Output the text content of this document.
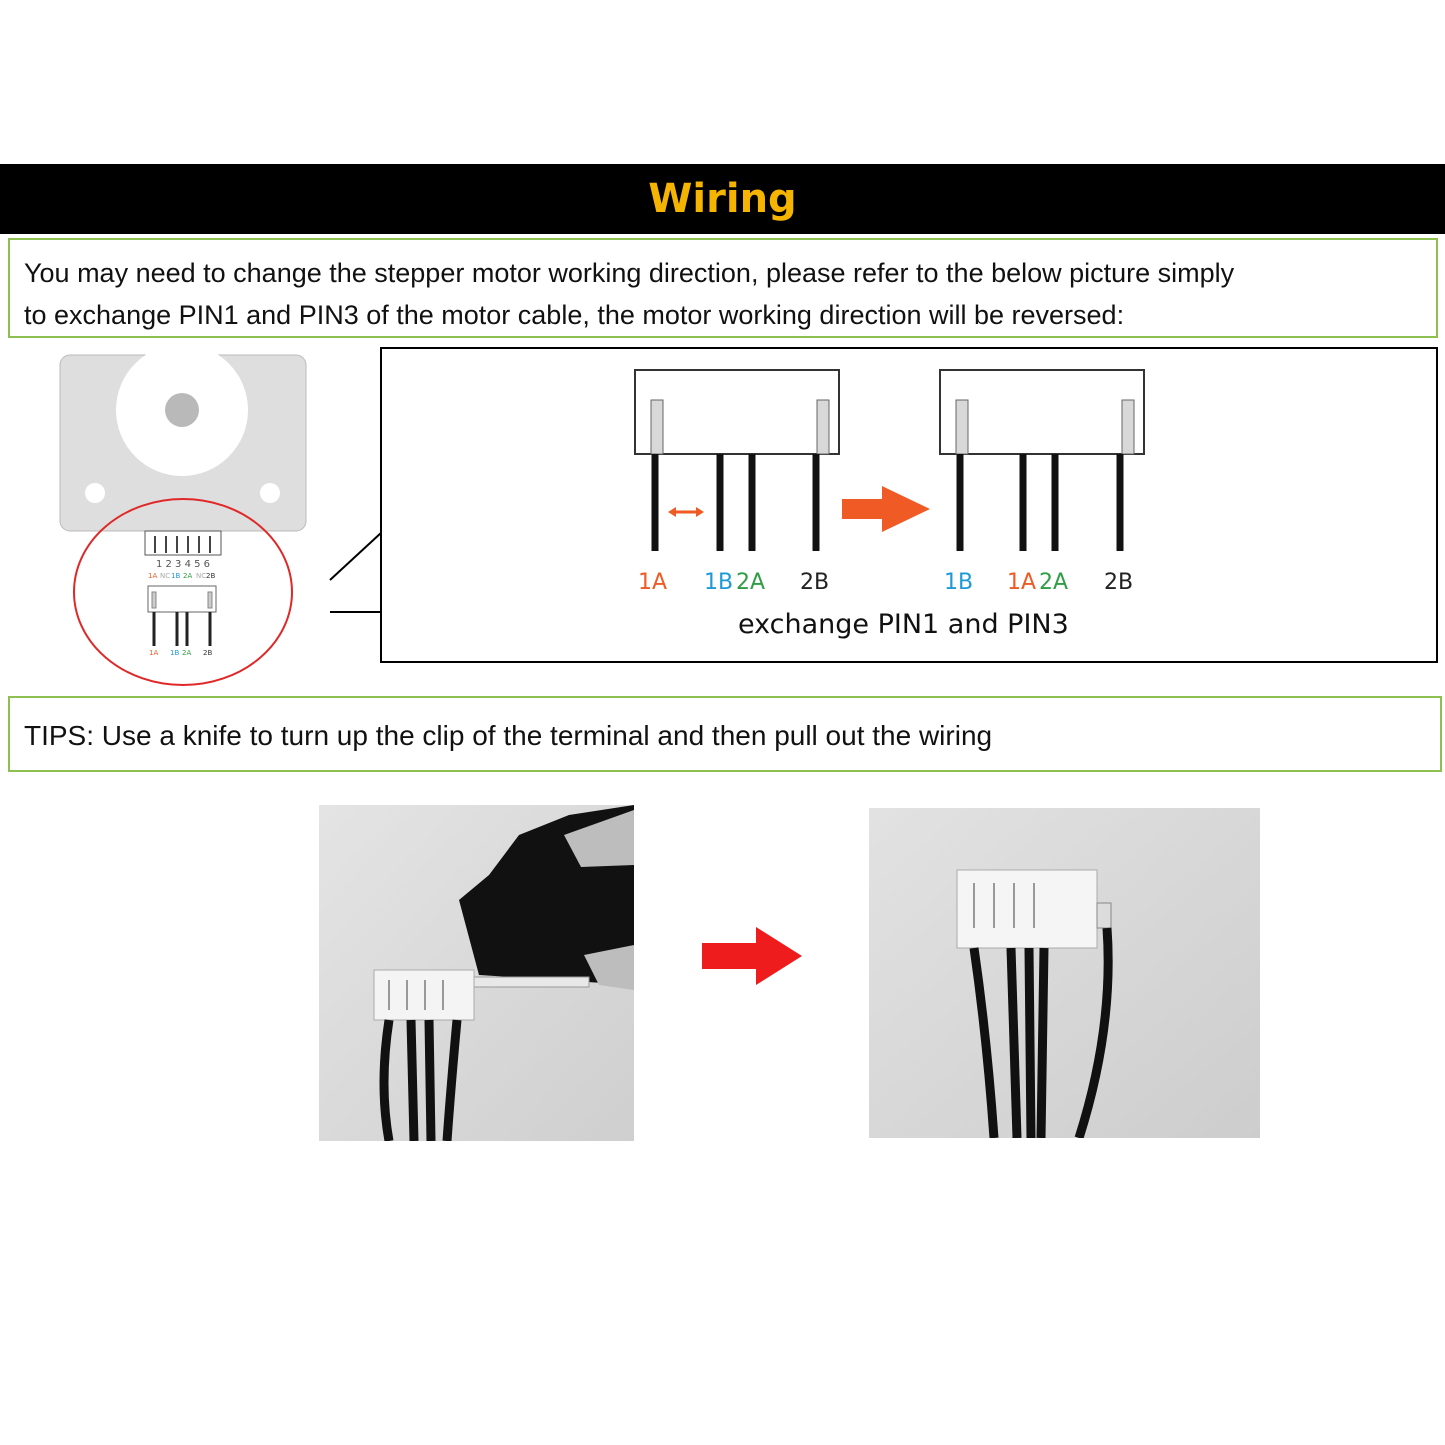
Wiring
You may need to change the stepper motor working direction, please refer to the below picture simply
to exchange PIN1 and PIN3 of the motor cable, the motor working direction will be reversed:
1 2 3 4 5 6
1A NC 1B 2A NC 2B
1A 1B 2A 2B
1A 1B 2A 2B	1B 1A 2A 2B
exchange PIN1 and PIN3
TIPS: Use a knife to turn up the clip of the terminal and then pull out the wiring
